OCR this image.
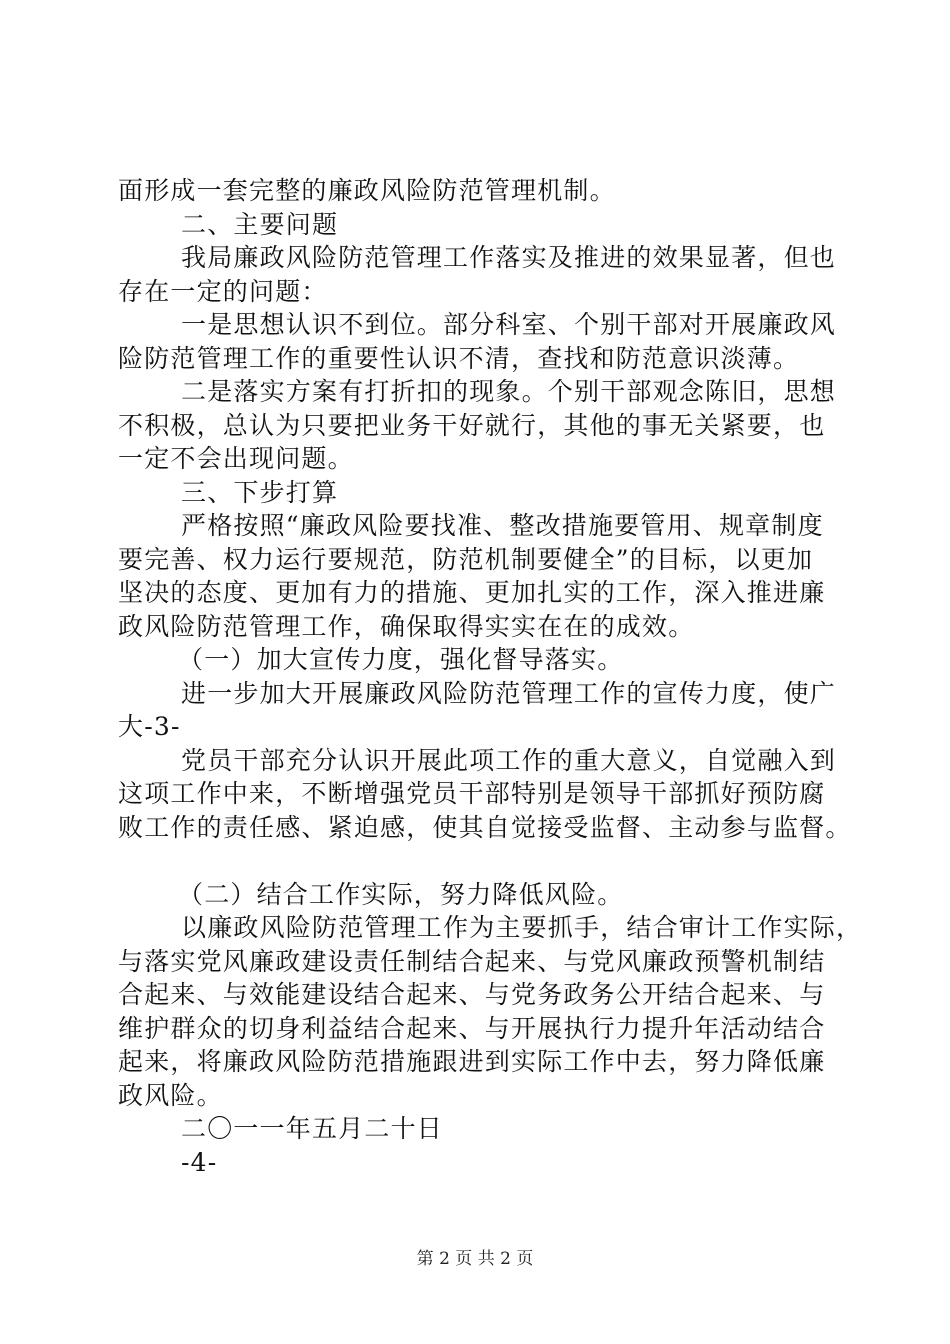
面形成一套完整的廉政风险防范管理机制。
二、主要问题
我局廉政风险防范管理工作落实及推进的效果显著，但也
存在一定的问题：
一是思想认识不到位。部分科室、个别干部对开展廉政风
险防范管理工作的重要性认识不清，查找和防范意识淡薄。
二是落实方案有打折扣的现象。个别干部观念陈旧，思想
不积极，总认为只要把业务干好就行，其他的事无关紧要，也
一定不会出现问题。
三、下步打算
严格按照“廉政风险要找准、整改措施要管用、规章制度
要完善、权力运行要规范，防范机制要健全”的目标，以更加
坚决的态度、更加有力的措施、更加扎实的工作，深入推进廉
政风险防范管理工作，确保取得实实在在的成效。
（一）加大宣传力度，强化督导落实。
进一步加大开展廉政风险防范管理工作的宣传力度，使广
大-3-
党员干部充分认识开展此项工作的重大意义，自觉融入到
这项工作中来，不断增强党员干部特别是领导干部抓好预防腐
败工作的责任感、紧迫感，使其自觉接受监督、主动参与监督。
（二）结合工作实际，努力降低风险。
以廉政风险防范管理工作为主要抓手，结合审计工作实际，
与落实党风廉政建设责任制结合起来、与党风廉政预警机制结
合起来、与效能建设结合起来、与党务政务公开结合起来、与
维护群众的切身利益结合起来、与开展执行力提升年活动结合
起来，将廉政风险防范措施跟进到实际工作中去，努力降低廉
政风险。
二〇一一年五月二十日
-4-
第 2 页 共 2 页
